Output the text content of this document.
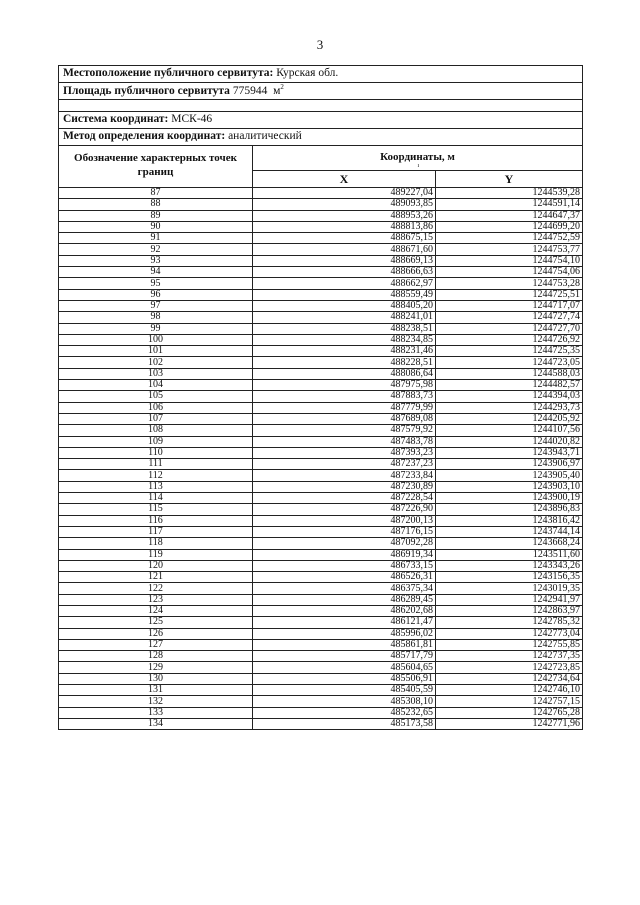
3
Местоположение публичного сервитута: Курская обл.		
Площадь публичного сервитута 775944 $м^2$

Система координат: МСК-46		
Метод определения координат: аналитический		
Обозначение характерных точек границ	Координаты, м
ı	

	X	Y
87	489227,04	1244539,28
88	489093,85	1244591,14
89	488953,26	1244647,37
90	488813,86	1244699,20
91	488675,15	1244752,59
92	488671,60	1244753,77
93	488669,13	1244754,10
94	488666,63	1244754,06
95	488662,97	1244753,28
96	488559,49	1244725,51
97	488405,20	1244717,07
98	488241,01	1244727,74
99	488238,51	1244727,70
100	488234,85	1244726,92
101	488231,46	1244725,35
102	488228,51	1244723,05
103	488086,64	1244588,03
104	487975,98	1244482,57
105	487883,73	1244394,03
106	487779,99	1244293,73
107	487689,08	1244205,92
108	487579,92	1244107,56
109	487483,78	1244020,82
110	487393,23	1243943,71
111	487237,23	1243906,97
112	487233,84	1243905,40
113	487230,89	1243903,10
114	487228,54	1243900,19
115	487226,90	1243896,83
116	487200,13	1243816,42
117	487176,15	1243744,14
118	487092,28	1243668,24
119	486919,34	1243511,60
120	486733,15	1243343,26
121	486526,31	1243156,35
122	486375,34	1243019,35
123	486289,45	1242941,97
124	486202,68	1242863,97
125	486121,47	1242785,32
126	485996,02	1242773,04
127	485861,81	1242755,85
128	485717,79	1242737,35
129	485604,65	1242723,85
130	485506,91	1242734,64
131	485405,59	1242746,10
132	485308,10	1242757,15
133	485232,65	1242765,28
134	485173,58	1242771,96
